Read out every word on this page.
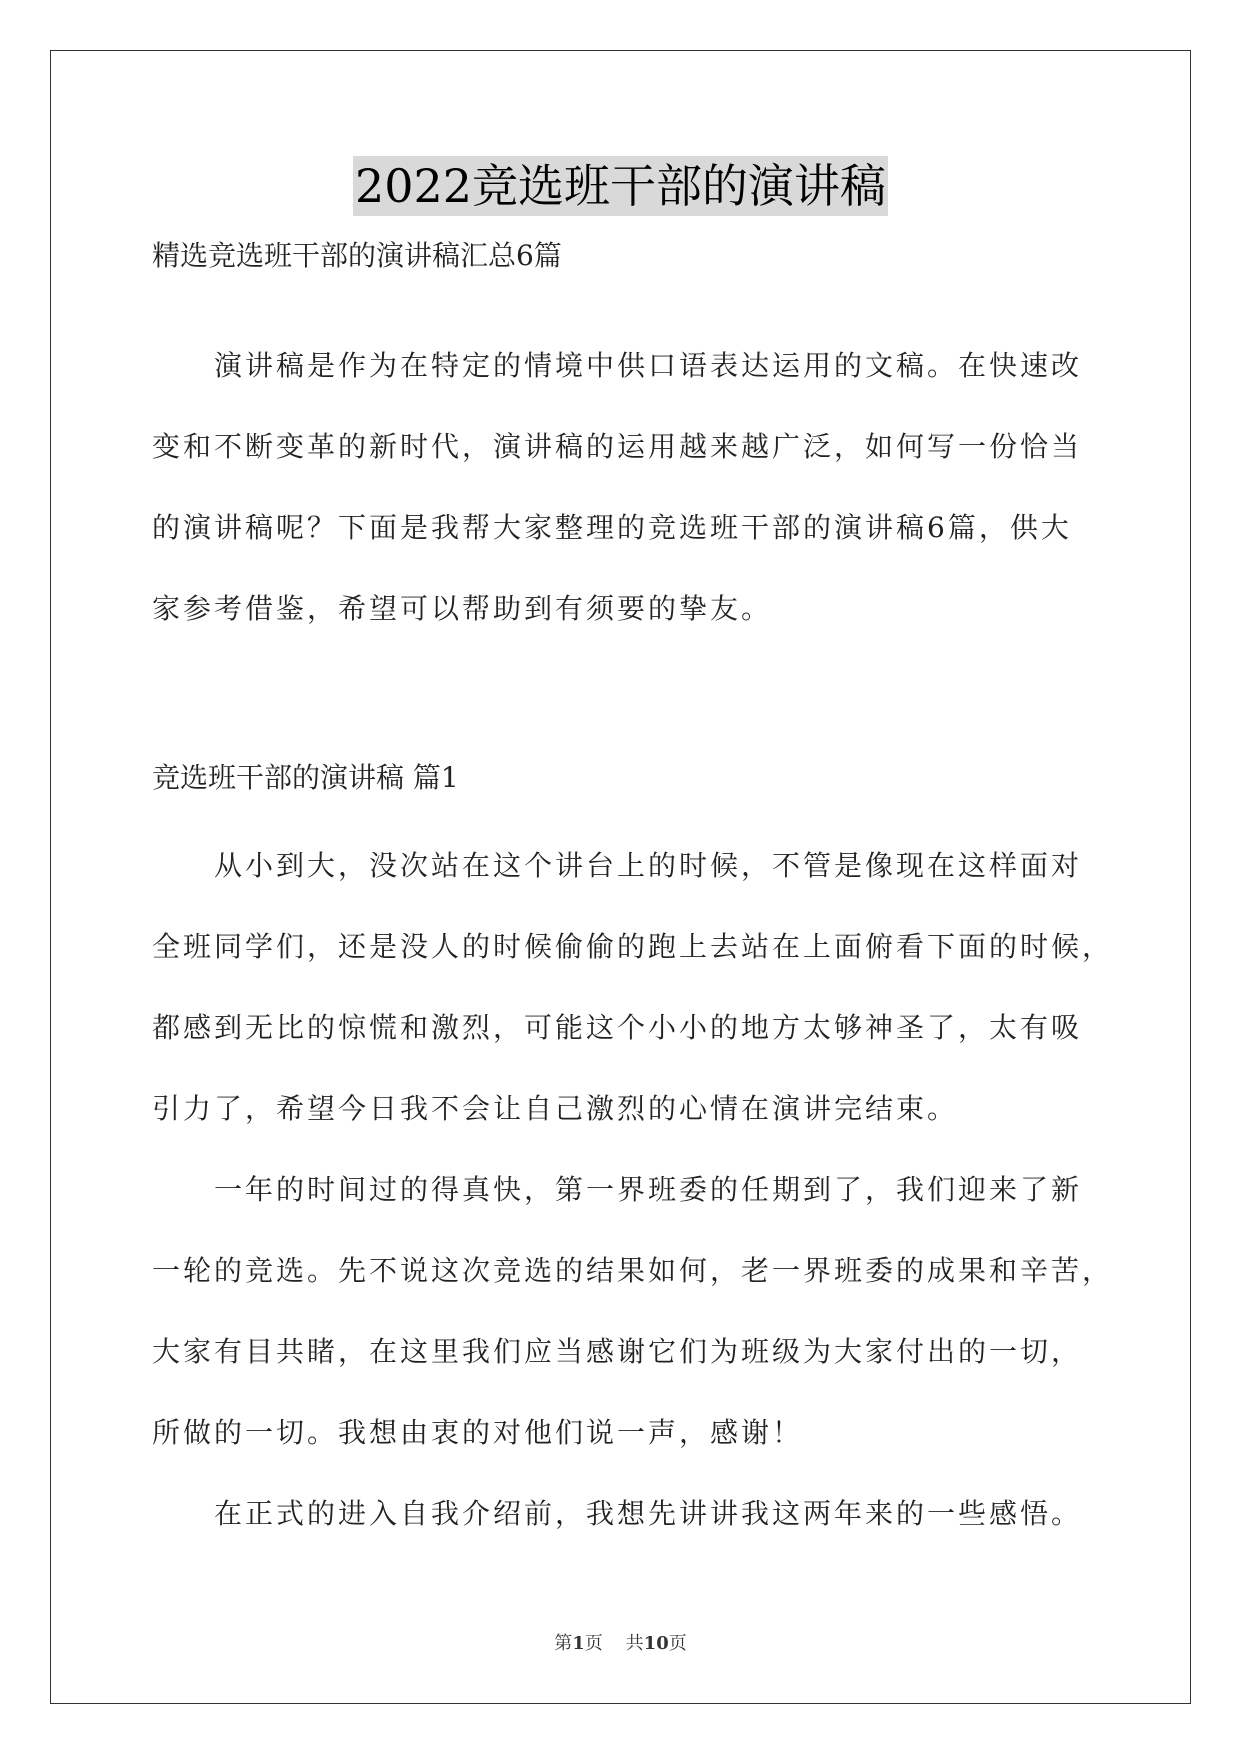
2022竞选班干部的演讲稿
精选竞选班干部的演讲稿汇总6篇
演讲稿是作为在特定的情境中供口语表达运用的文稿。在快速改
变和不断变革的新时代，演讲稿的运用越来越广泛，如何写一份恰当
的演讲稿呢？下面是我帮大家整理的竞选班干部的演讲稿6篇，供大
家参考借鉴，希望可以帮助到有须要的挚友。
竞选班干部的演讲稿 篇1
从小到大，没次站在这个讲台上的时候，不管是像现在这样面对
全班同学们，还是没人的时候偷偷的跑上去站在上面俯看下面的时候，
都感到无比的惊慌和激烈，可能这个小小的地方太够神圣了，太有吸
引力了，希望今日我不会让自己激烈的心情在演讲完结束。
一年的时间过的得真快，第一界班委的任期到了，我们迎来了新
一轮的竞选。先不说这次竞选的结果如何，老一界班委的成果和辛苦，
大家有目共睹，在这里我们应当感谢它们为班级为大家付出的一切，
所做的一切。我想由衷的对他们说一声，感谢！
在正式的进入自我介绍前，我想先讲讲我这两年来的一些感悟。
第1页    共10页
